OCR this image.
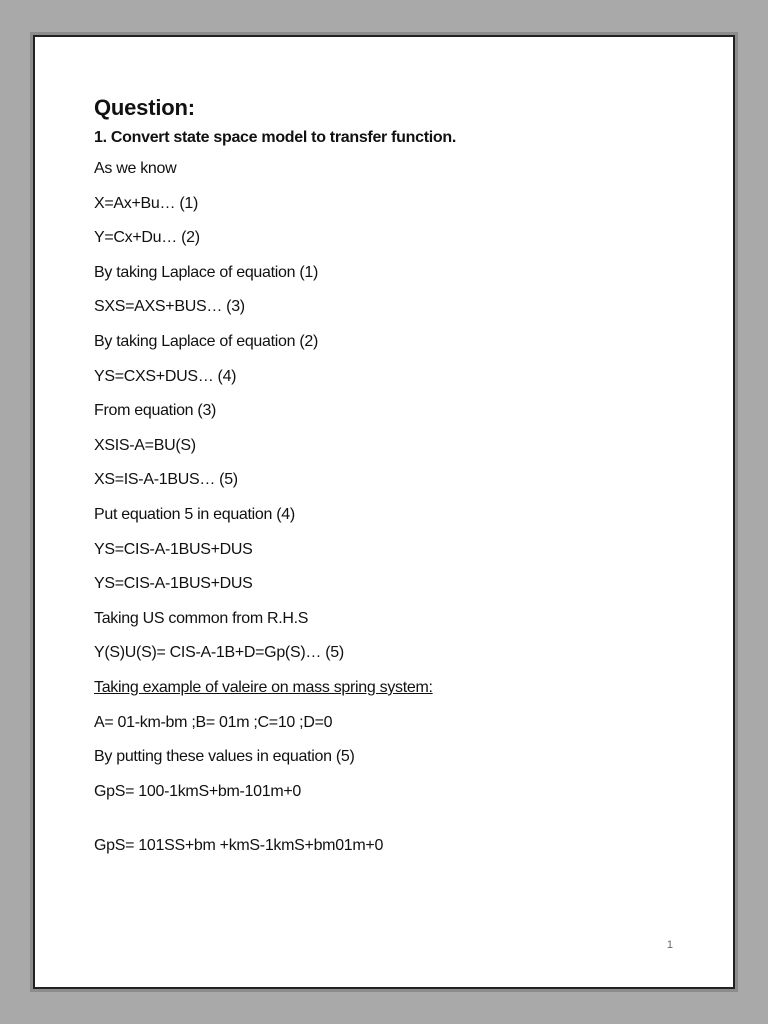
Question:
1. Convert state space model to transfer function.
As we know
X=Ax+Bu… (1)
Y=Cx+Du… (2)
By taking Laplace of equation (1)
SXS=AXS+BUS… (3)
By taking Laplace of equation (2)
YS=CXS+DUS… (4)
From equation (3)
XSIS-A=BU(S)
XS=IS-A-1BUS… (5)
Put equation 5 in equation (4)
YS=CIS-A-1BUS+DUS
YS=CIS-A-1BUS+DUS
Taking US common from R.H.S
Y(S)U(S)= CIS-A-1B+D=Gp(S)… (5)
Taking example of valeire on mass spring system:
A= 01-km-bm ;B= 01m ;C=10 ;D=0
By putting these values in equation (5)
GpS= 100-1kmS+bm-101m+0
GpS= 101SS+bm +kmS-1kmS+bm01m+0
1
